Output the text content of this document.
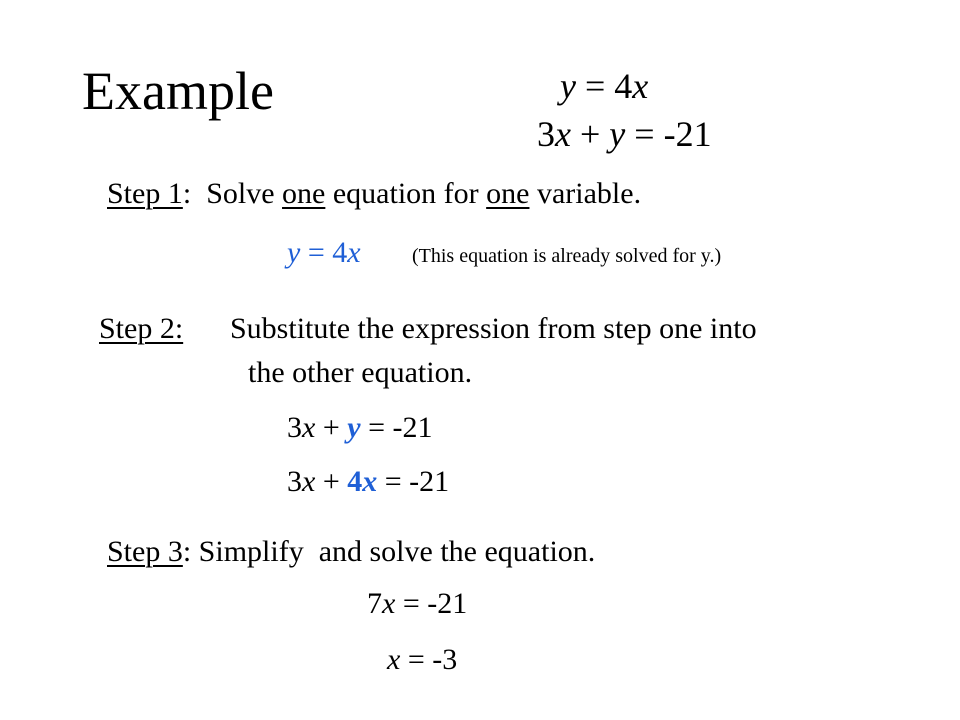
Example	y = 4x
3x + y = -21
Step 1:  Solve one equation for one variable.
y = 4x	(This equation is already solved for y.)
Step 2: Substitute the expression from step one into
the other equation.
3x + y = -21
3x + 4x = -21
Step 3: Simplify  and solve the equation.
7x = -21
x = -3
